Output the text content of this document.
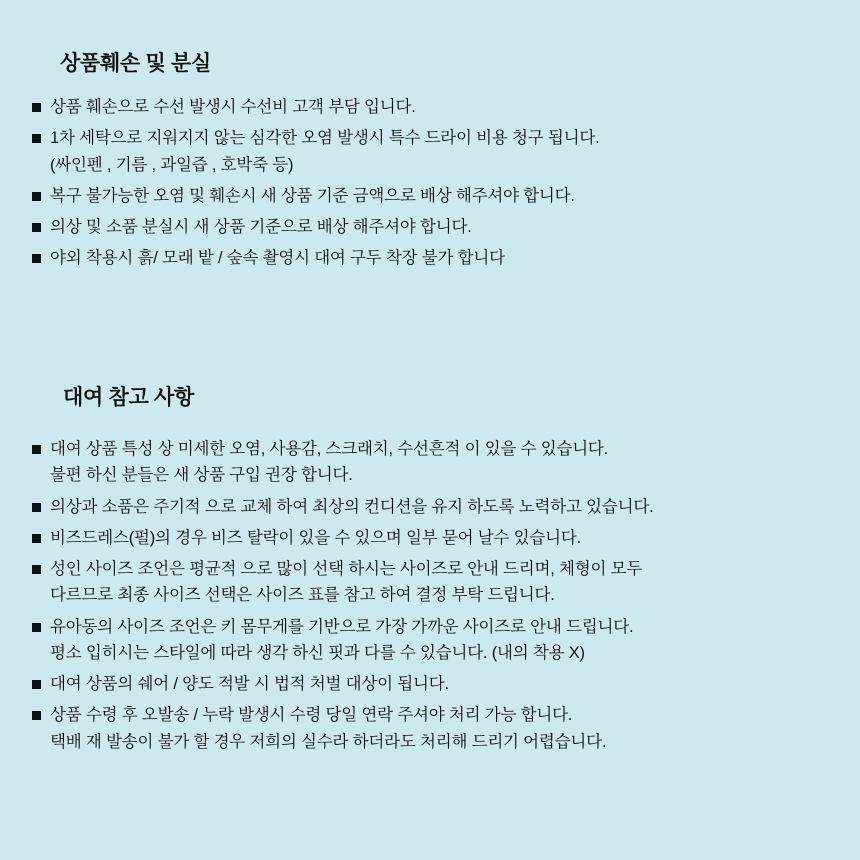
상품훼손 및 분실
상품 훼손으로 수선 발생시 수선비 고객 부담 입니다.
1차 세탁으로 지워지지 않는 심각한 오염 발생시 특수 드라이 비용 청구 됩니다.
(싸인펜 , 기름 , 과일즙 , 호박죽 등)
복구 불가능한 오염 및 훼손시 새 상품 기준 금액으로 배상 해주셔야 합니다.
의상 및 소품 분실시 새 상품 기준으로 배상 해주셔야 합니다.
야외 착용시 흙/ 모래 밭 / 숲속 촬영시 대여 구두 착장 불가 합니다
대여 참고 사항
대여 상품 특성 상 미세한 오염, 사용감, 스크래치, 수선흔적 이 있을 수 있습니다.
불편 하신 분들은 새 상품 구입 권장 합니다.
의상과 소품은 주기적 으로 교체 하여 최상의 컨디션을 유지 하도록 노력하고 있습니다.
비즈드레스(펄)의 경우 비즈 탈락이 있을 수 있으며 일부 묻어 날수 있습니다.
성인 사이즈 조언은 평균적 으로 많이 선택 하시는 사이즈로 안내 드리며, 체형이 모두
다르므로 최종 사이즈 선택은 사이즈 표를 참고 하여 결정 부탁 드립니다.
유아동의 사이즈 조언은 키 몸무게를 기반으로 가장 가까운 사이즈로 안내 드립니다.
평소 입히시는 스타일에 따라 생각 하신 핏과 다를 수 있습니다. (내의 착용 X)
대여 상품의 쉐어 / 양도 적발 시 법적 처벌 대상이 됩니다.
상품 수령 후 오발송 / 누락 발생시 수령 당일 연락 주셔야 처리 가능 합니다.
택배 재 발송이 불가 할 경우 저희의 실수라 하더라도 처리해 드리기 어렵습니다.
